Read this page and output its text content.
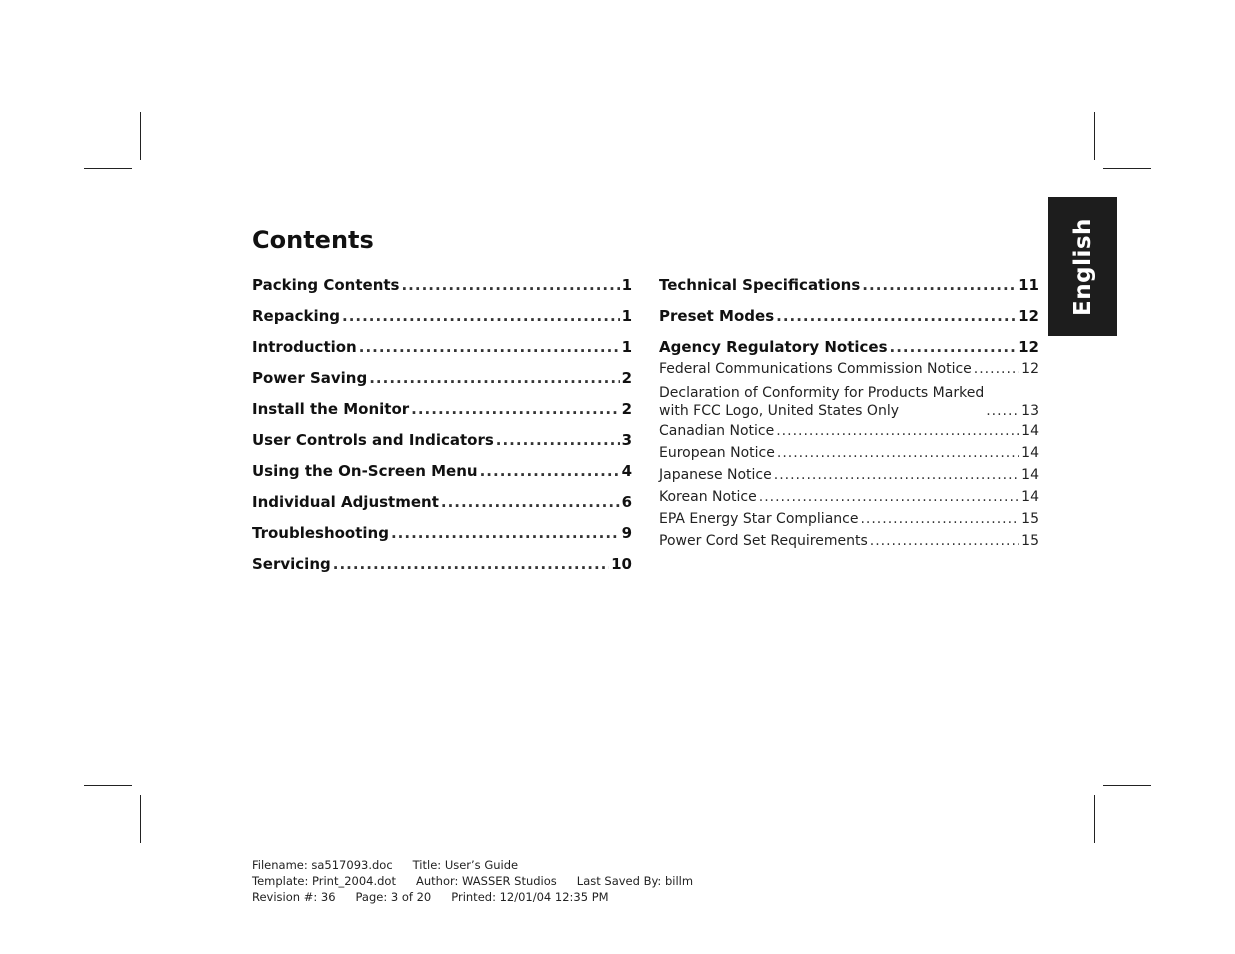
English
Contents
Packing Contents .....	1
Repacking .....	1
Introduction .....	1
Power Saving .....	2
Install the Monitor .....	2
User Controls and Indicators .....	3
Using the On-Screen Menu .....	4
Individual Adjustment .....	6
Troubleshooting .....	9
Servicing .....	10
Technical Specifications .....	11
Preset Modes .....	12
Agency Regulatory Notices .....	12
Federal Communications Commission Notice .....	12
Declaration of Conformity for Products Marked
with FCC Logo, United States Only .....	13
Canadian Notice .....	14
European Notice .....	14
Japanese Notice .....	14
Korean Notice .....	14
EPA Energy Star Compliance .....	15
Power Cord Set Requirements .....	15
Filename: sa517093.doc Title: User’s Guide
Template: Print_2004.dot Author: WASSER Studios Last Saved By: billm
Revision #: 36 Page: 3 of 20 Printed: 12/01/04 12:35 PM
